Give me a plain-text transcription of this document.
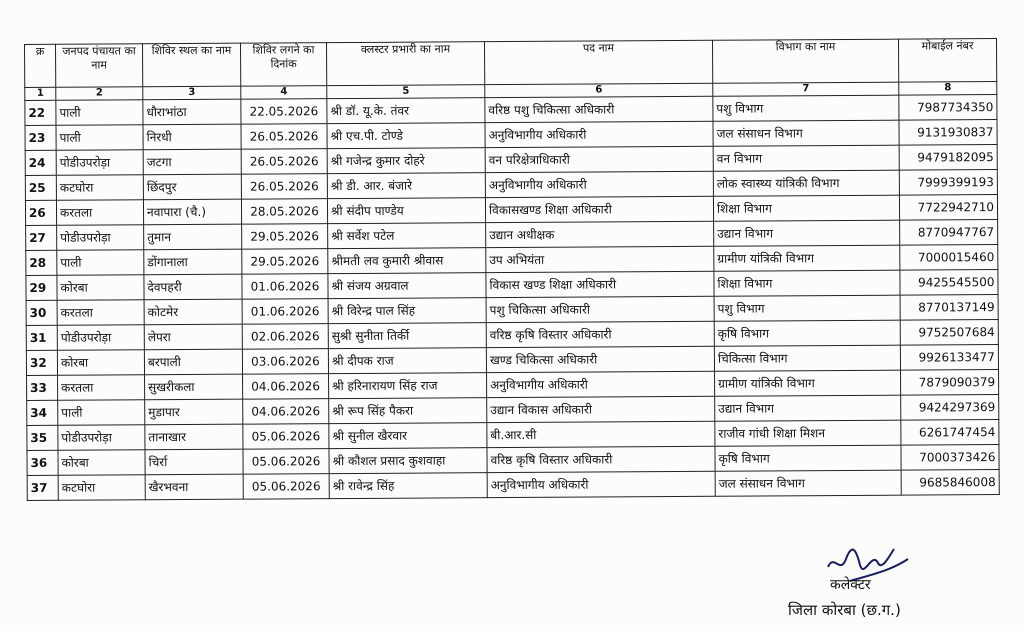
क्र	जनपद पंचायत का नाम	शिविर स्थल का नाम	शिविर लगने का दिनांक	क्लस्टर प्रभारी का नाम	पद नाम	विभाग का नाम	मोबाईल नंबर
1	2	3	4	5	6	7	8
22	पाली	धौराभांठा	22.05.2026	श्री डॉ. यू.के. तंवर	वरिष्ठ पशु चिकित्सा अधिकारी	पशु विभाग	7987734350
23	पाली	निरधी	26.05.2026	श्री एच.पी. टोण्डे	अनुविभागीय अधिकारी	जल संसाधन विभाग	9131930837
24	पोडीउपरोड़ा	जटगा	26.05.2026	श्री गजेन्द्र कुमार दोहरे	वन परिक्षेत्राधिकारी	वन विभाग	9479182095
25	कटघोरा	छिंदपुर	26.05.2026	श्री डी. आर. बंजारे	अनुविभागीय अधिकारी	लोक स्वास्थ्य यांत्रिकी विभाग	7999399193
26	करतला	नवापारा (चै.)	28.05.2026	श्री संदीप पाण्डेय	विकासखण्ड शिक्षा अधिकारी	शिक्षा विभाग	7722942710
27	पोडीउपरोड़ा	तुमान	29.05.2026	श्री सर्वेश पटेल	उद्यान अधीक्षक	उद्यान विभाग	8770947767
28	पाली	डोंगानाला	29.05.2026	श्रीमती लव कुमारी श्रीवास	उप अभियंता	ग्रामीण यांत्रिकी विभाग	7000015460
29	कोरबा	देवपहरी	01.06.2026	श्री संजय अग्रवाल	विकास खण्ड शिक्षा अधिकारी	शिक्षा विभाग	9425545500
30	करतला	कोटमेर	01.06.2026	श्री विरेन्द्र पाल सिंह	पशु चिकित्सा अधिकारी	पशु विभाग	8770137149
31	पोडीउपरोड़ा	लेपरा	02.06.2026	सुश्री सुनीता तिर्की	वरिष्ठ कृषि विस्तार अधिकारी	कृषि विभाग	9752507684
32	कोरबा	बरपाली	03.06.2026	श्री दीपक राज	खण्ड चिकित्सा अधिकारी	चिकित्सा विभाग	9926133477
33	करतला	सुखरीकला	04.06.2026	श्री हरिनारायण सिंह राज	अनुविभागीय अधिकारी	ग्रामीण यांत्रिकी विभाग	7879090379
34	पाली	मुडापार	04.06.2026	श्री रूप सिंह पैकरा	उद्यान विकास अधिकारी	उद्यान विभाग	9424297369
35	पोडीउपरोड़ा	तानाखार	05.06.2026	श्री सुनील खैरवार	बी.आर.सी	राजीव गांधी शिक्षा मिशन	6261747454
36	कोरबा	चिर्रा	05.06.2026	श्री कौशल प्रसाद कुशवाहा	वरिष्ठ कृषि विस्तार अधिकारी	कृषि विभाग	7000373426
37	कटघोरा	खैरभवना	05.06.2026	श्री रावेन्द्र सिंह	अनुविभागीय अधिकारी	जल संसाधन विभाग	9685846008
कलेक्टर
जिला कोरबा (छ.ग.)
